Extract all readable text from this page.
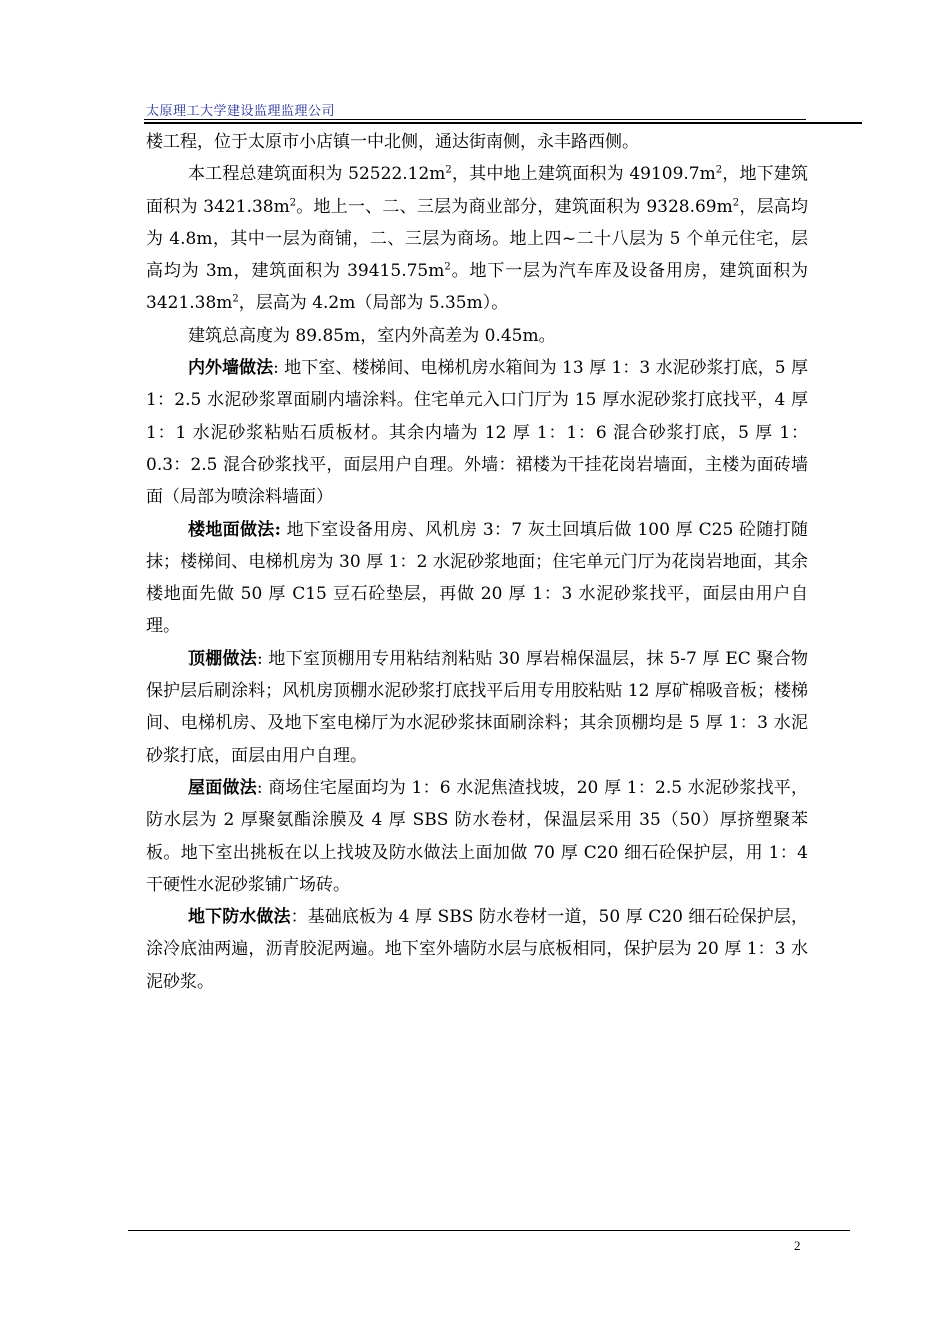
太原理工大学建设监理监理公司

楼工程，位于太原市小店镇一中北侧，通达街南侧，永丰路西侧。

本工程总建筑面积为 $52522.12m^2$，其中地上建筑面积为 $49109.7m^2$，地下建筑面积为 $3421.38m^2$。地上一、二、三层为商业部分，建筑面积为 $9328.69m^2$，层高均为 4.8m，其中一层为商铺，二、三层为商场。地上四~二十八层为 5 个单元住宅，层高均为 3m，建筑面积为 $39415.75m^2$。地下一层为汽车库及设备用房，建筑面积为 $3421.38m^2$，层高为 4.2m（局部为 5.35m）。

建筑总高度为 89.85m，室内外高差为 0.45m。

内外墙做法: 地下室、楼梯间、电梯机房水箱间为 13 厚 1：3 水泥砂浆打底，5 厚 1：2.5 水泥砂浆罩面刷内墙涂料。住宅单元入口门厅为 15 厚水泥砂浆打底找平，4 厚 1：1 水泥砂浆粘贴石质板材。其余内墙为 12 厚 1：1：6 混合砂浆打底，5 厚 1：0.3：2.5 混合砂浆找平，面层用户自理。外墙：裙楼为干挂花岗岩墙面，主楼为面砖墙面（局部为喷涂料墙面）

楼地面做法: 地下室设备用房、风机房 3：7 灰土回填后做 100 厚 C25 砼随打随抹；楼梯间、电梯机房为 30 厚 1：2 水泥砂浆地面；住宅单元门厅为花岗岩地面，其余楼地面先做 50 厚 C15 豆石砼垫层，再做 20 厚 1：3 水泥砂浆找平，面层由用户自理。

顶棚做法: 地下室顶棚用专用粘结剂粘贴 30 厚岩棉保温层，抹 5-7 厚 EC 聚合物保护层后刷涂料；风机房顶棚水泥砂浆打底找平后用专用胶粘贴 12 厚矿棉吸音板；楼梯间、电梯机房、及地下室电梯厅为水泥砂浆抹面刷涂料；其余顶棚均是 5 厚 1：3 水泥砂浆打底，面层由用户自理。

屋面做法: 商场住宅屋面均为 1：6 水泥焦渣找坡，20 厚 1：2.5 水泥砂浆找平，防水层为 2 厚聚氨酯涂膜及 4 厚 SBS 防水卷材，保温层采用 35（50）厚挤塑聚苯板。地下室出挑板在以上找坡及防水做法上面加做 70 厚 C20 细石砼保护层，用 1：4 干硬性水泥砂浆铺广场砖。

地下防水做法：基础底板为 4 厚 SBS 防水卷材一道，50 厚 C20 细石砼保护层，涂冷底油两遍，沥青胶泥两遍。地下室外墙防水层与底板相同，保护层为 20 厚 1：3 水泥砂浆。

2
